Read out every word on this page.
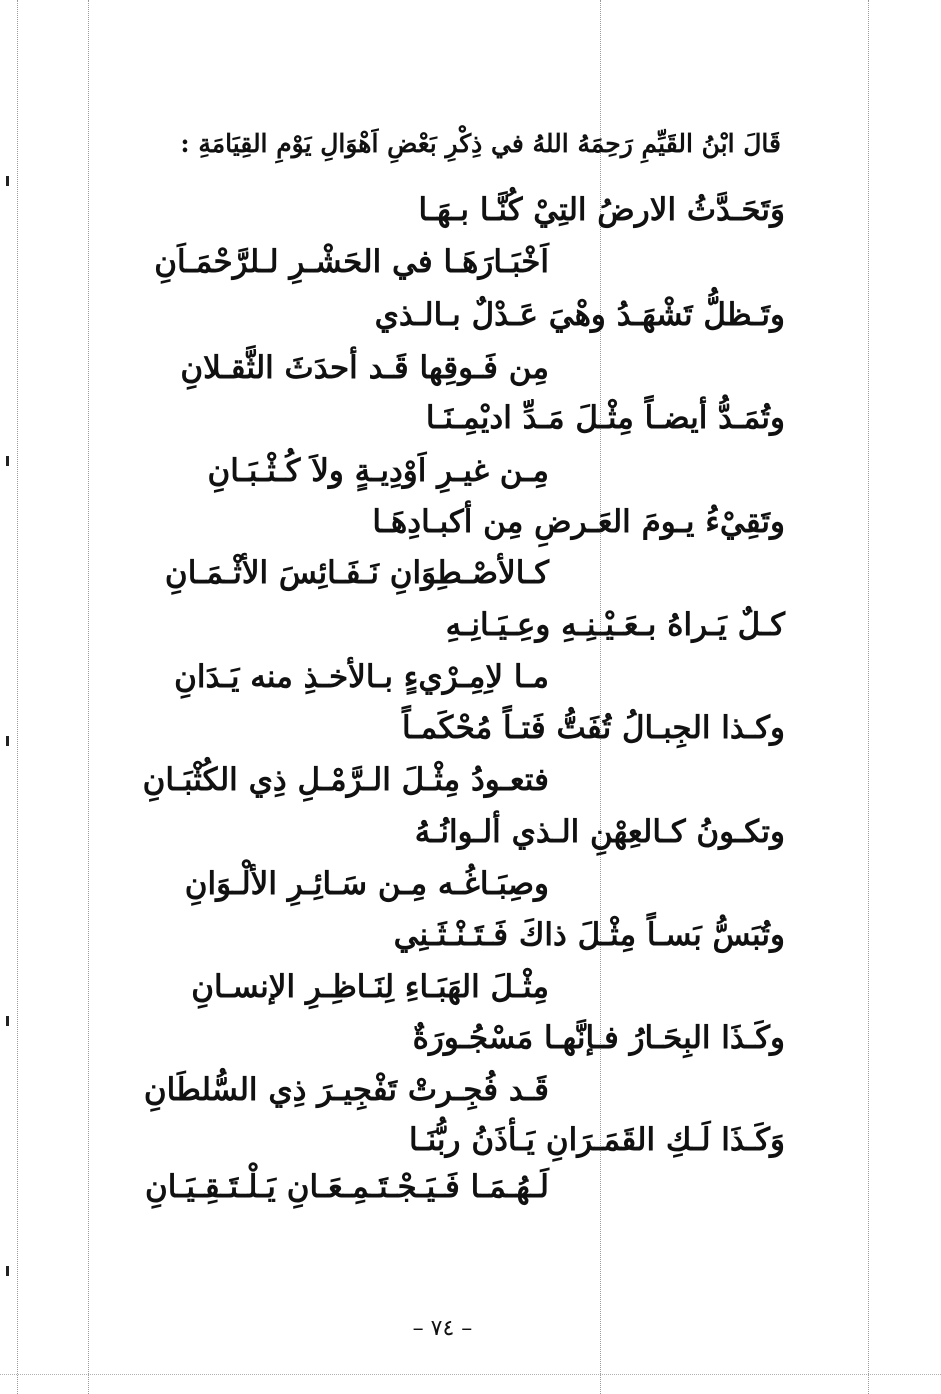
قَالَ ابْنُ القَيِّمِ رَحِمَهُ اللهُ في ذِكْرِ بَعْضِ اَهْوَالِ يَوْمِ القِيَامَةِ :
وَتَحَـدَّثُ الارضُ التِيْ كُنَّـا بـهَـا
اَخْبَـارَهَـا في الحَشْـرِ لـلرَّحْمَـاَنِ
وتَـظلُّ تَشْهَـدُ وهْيَ عَـدْلٌ بـالـذي
مِن فَـوقِها قَـد أحدَثَ الثَّقـلانِ
وتُمَـدُّ أيضـاً مِثْـلَ مَـدِّ اديْمِـنَـا
مِـن غيـرِ اَوْدِيـةٍ ولاَ كُـثْـبَـانِ
وتَقِيْءُ يـومَ العَـرضِ مِن أكبـادِهَـا
كـالأصْـطِوَانِ نَـفَـائِسَ الأثْـمَـانِ
كـلٌ يَـراهُ بـعَـيْـنِـهِ وعِـيَـانِـهِ
مـا لاِمِـرْيءٍ بـالأخـذِ منه يَـدَانِ
وكـذا الجِبـالُ تُفَتُّ فَتـاً مُحْكَمـاً
فتعـودُ مِثْـلَ الـرَّمْـلِ ذِي الكُثْبَـانِ
وتكـونُ كـالعِهْنِ الـذي ألـوانُـهُ
وصِبَـاغُـه مِـن سَـائِـرِ الألْـوَانِ
وتُبَسُّ بَسـاً مِثْـلَ ذاكَ فَـتَـنْـثَـنِي
مِثْـلَ الهَبَـاءِ لِنَـاظِـرِ الإنسـانِ
وكَـذَا البِحَـارُ فـإنَّهـا مَسْجُـورَةٌ
قَـد فُجِـرتْ تَفْجِيـرَ ذِي السُّلطَانِ
وَكَـذَا لَـكِ القَمَـرَانِ يَـأذَنُ ربُّنَـا
لَـهُـمَـا فَـيَـجْـتَـمِـعَـانِ يَـلْـتَـقِـيَـانِ
– ٧٤ –
